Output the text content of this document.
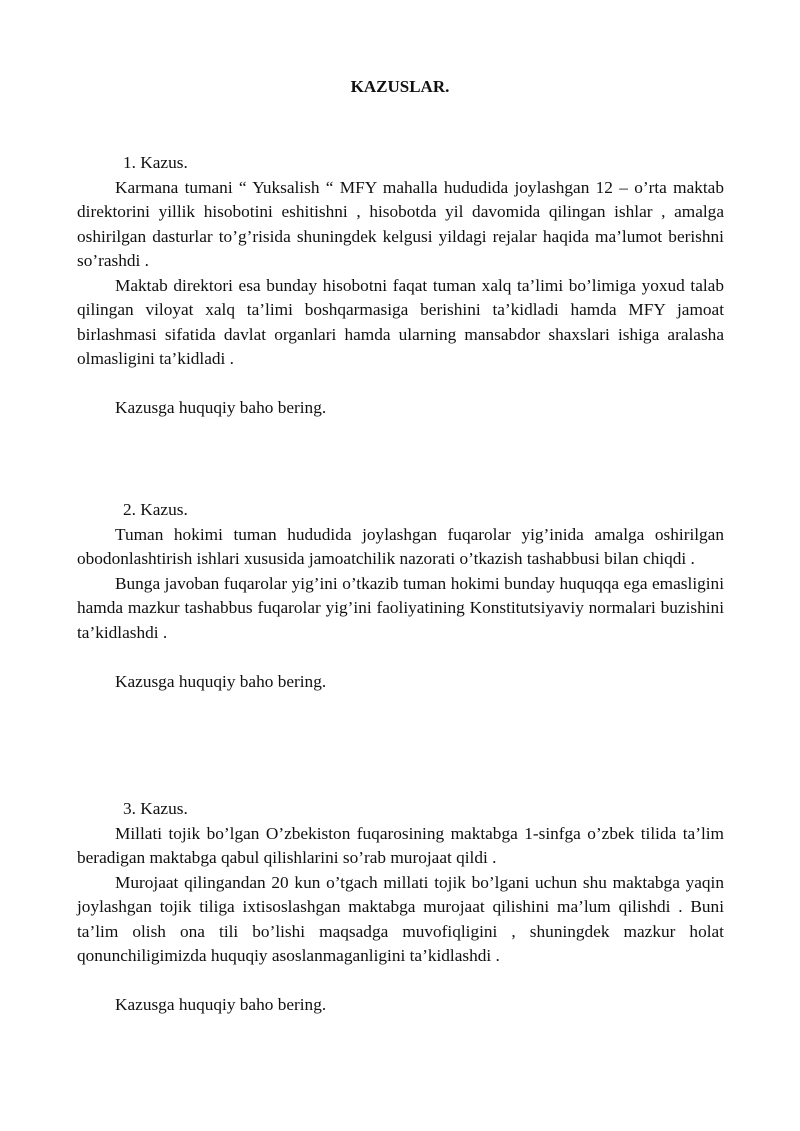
KAZUSLAR.

1. Kazus.

Karmana tumani “ Yuksalish “ MFY mahalla hududida joylashgan 12 – o’rta maktab direktorini yillik hisobotini eshitishni , hisobotda yil davomida qilingan ishlar , amalga oshirilgan dasturlar to’g’risida shuningdek kelgusi yildagi rejalar haqida ma’lumot berishni so’rashdi .

Maktab direktori esa bunday hisobotni faqat tuman xalq ta’limi bo’limiga yoxud talab qilingan viloyat xalq ta’limi boshqarmasiga berishini ta’kidladi hamda MFY jamoat birlashmasi sifatida davlat organlari hamda ularning mansabdor shaxslari ishiga aralasha olmasligini ta’kidladi .

Kazusga huquqiy baho bering.

2. Kazus.

Tuman hokimi tuman hududida joylashgan fuqarolar yig’inida amalga oshirilgan obodonlashtirish ishlari xususida jamoatchilik nazorati o’tkazish tashabbusi bilan chiqdi .

Bunga javoban fuqarolar yig’ini o’tkazib tuman hokimi bunday huquqqa ega emasligini hamda mazkur tashabbus fuqarolar yig’ini faoliyatining Konstitutsiyaviy normalari buzishini ta’kidlashdi .

Kazusga huquqiy baho bering.

3. Kazus.

Millati tojik bo’lgan O’zbekiston fuqarosining maktabga 1-sinfga o’zbek tilida ta’lim beradigan maktabga qabul qilishlarini so’rab murojaat qildi .

Murojaat qilingandan 20 kun o’tgach millati tojik bo’lgani uchun shu maktabga yaqin joylashgan tojik tiliga ixtisoslashgan maktabga murojaat qilishini ma’lum qilishdi . Buni ta’lim olish ona tili bo’lishi maqsadga muvofiqligini , shuningdek mazkur holat qonunchiligimizda huquqiy asoslanmaganligini ta’kidlashdi .

Kazusga huquqiy baho bering.
